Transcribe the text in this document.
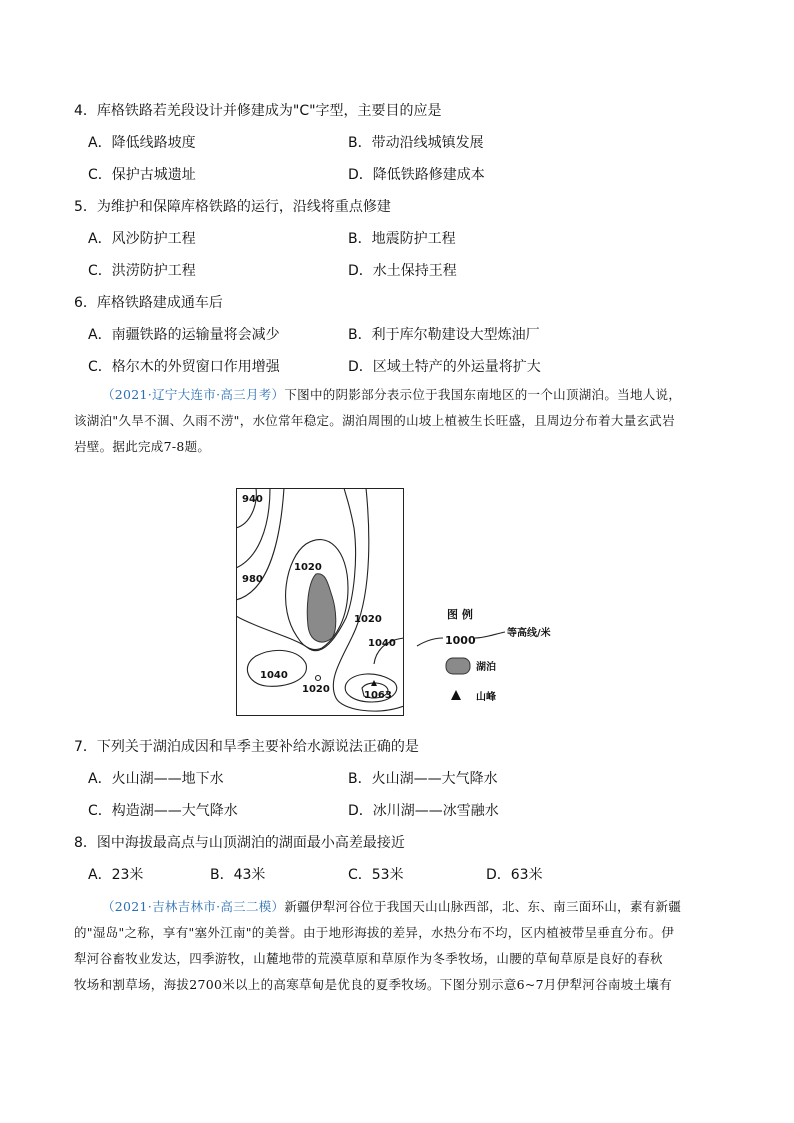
4．库格铁路若羌段设计并修建成为"C"字型，主要目的应是
A．降低线路坡度	B．带动沿线城镇发展
C．保护古城遗址	D．降低铁路修建成本
5．为维护和保障库格铁路的运行，沿线将重点修建
A．风沙防护工程	B．地震防护工程
C．洪涝防护工程	D．水土保持王程
6．库格铁路建成通车后
A．南疆铁路的运输量将会减少	B．利于库尔勒建设大型炼油厂
C．格尔木的外贸窗口作用增强	D．区域土特产的外运量将扩大
（2021·辽宁大连市·高三月考）下图中的阴影部分表示位于我国东南地区的一个山顶湖泊。当地人说，
该湖泊"久旱不涸、久雨不涝"，水位常年稳定。湖泊周围的山坡上植被生长旺盛，且周边分布着大量玄武岩
岩壁。据此完成7-8题。
940
980
1020
1020
1040
1040
1020
1063
图 例
1000
等高线/米
湖泊
山峰
7．下列关于湖泊成因和旱季主要补给水源说法正确的是
A．火山湖——地下水	B．火山湖——大气降水
C．构造湖——大气降水	D．冰川湖——冰雪融水
8．图中海拔最高点与山顶湖泊的湖面最小高差最接近
A．23米	B．43米	C．53米	D．63米
（2021·吉林吉林市·高三二模）新疆伊犁河谷位于我国天山山脉西部，北、东、南三面环山，素有新疆
的"湿岛"之称，享有"塞外江南"的美誉。由于地形海拔的差异，水热分布不均，区内植被带呈垂直分布。伊
犁河谷畜牧业发达，四季游牧，山麓地带的荒漠草原和草原作为冬季牧场，山腰的草甸草原是良好的春秋
牧场和割草场，海拔2700米以上的高寒草甸是优良的夏季牧场。下图分别示意6~7月伊犁河谷南坡土壤有
